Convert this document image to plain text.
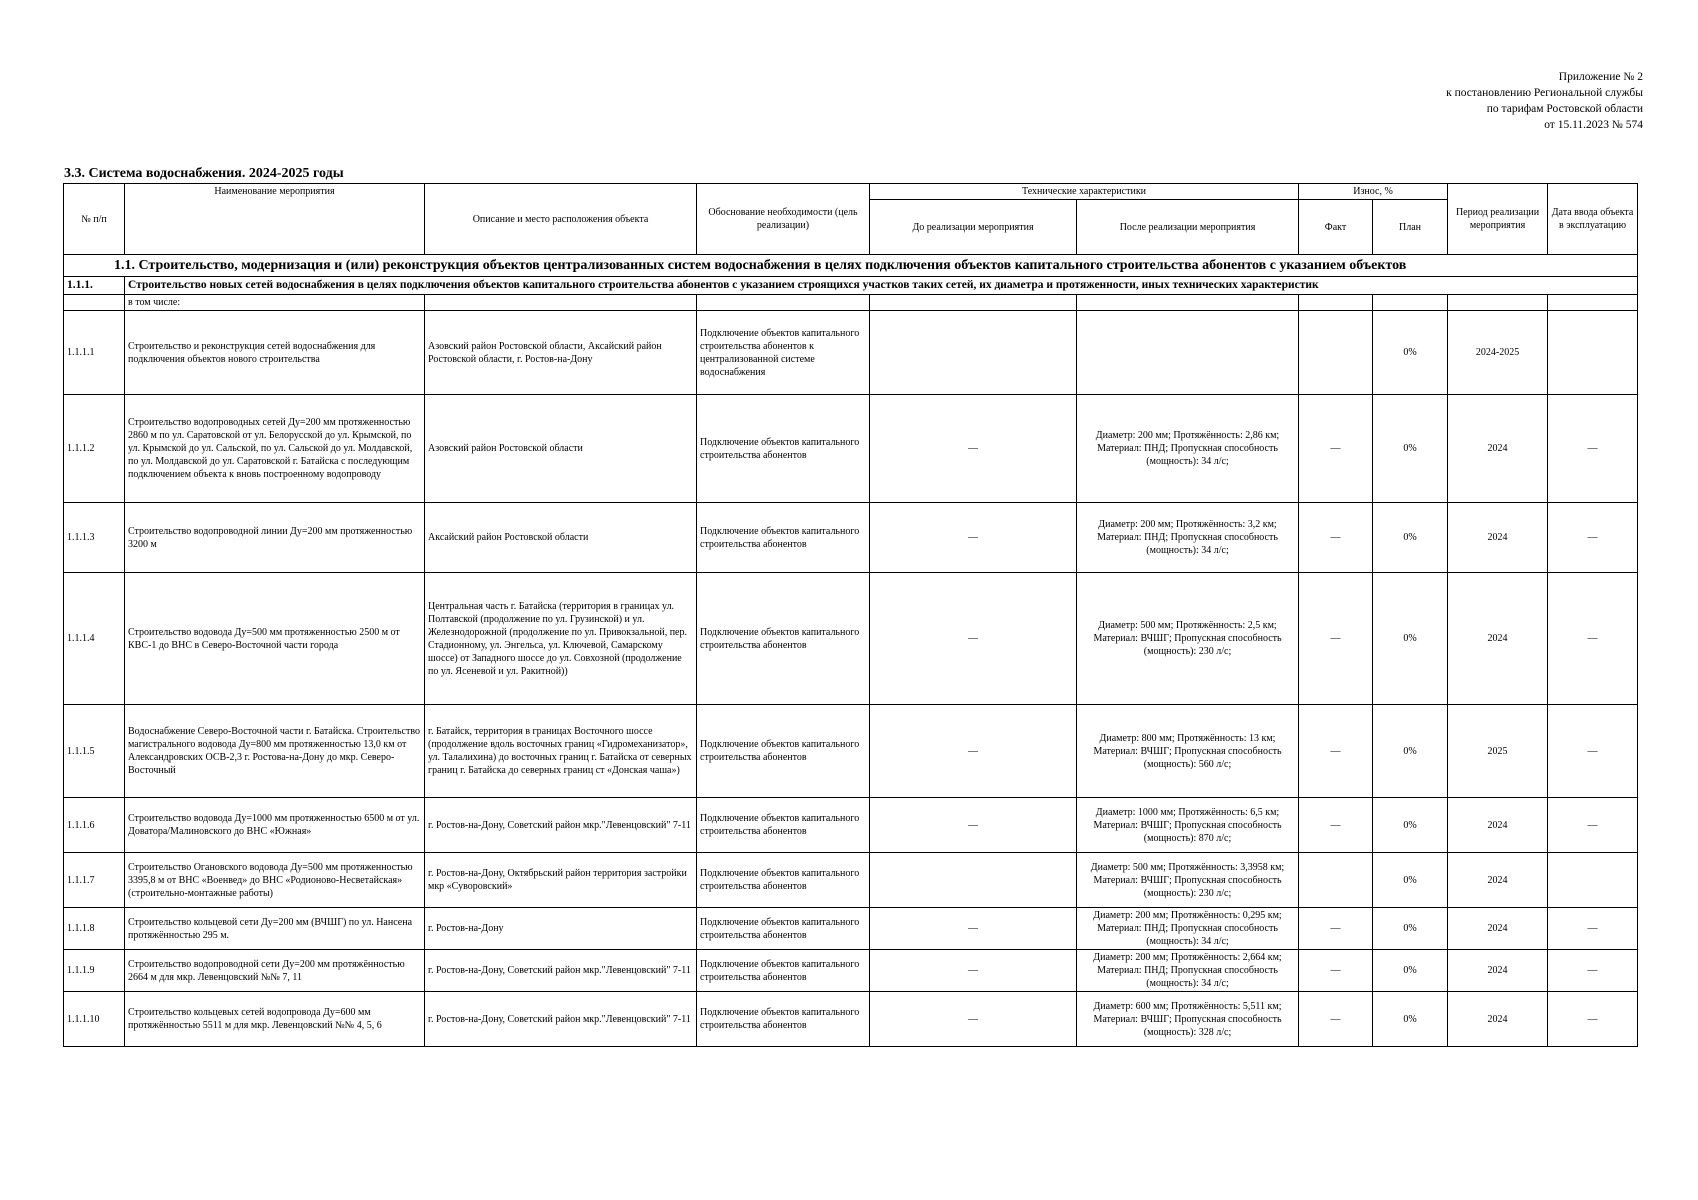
Приложение № 2
к постановлению Региональной службы
по тарифам Ростовской области
от 15.11.2023 № 574
3.3. Система водоснабжения. 2024-2025 годы
№ п/п	Наименование мероприятия	Описание и место расположения объекта	Обоснование необходимости (цель реализации)	Технические характеристики		Износ, %		Период реализации мероприятия	Дата ввода объекта в эксплуатацию
				До реализации мероприятия	После реализации мероприятия	Факт	План		
1.1. Строительство, модернизация и (или) реконструкция объектов централизованных систем водоснабжения в целях подключения объектов капитального строительства абонентов с указанием объектов									
1.1.1.	Строительство новых сетей водоснабжения в целях подключения объектов капитального строительства абонентов с указанием строящихся участков таких сетей, их диаметра и протяженности, иных технических характеристик								
	в том числе:								
1.1.1.1	Строительство и реконструкция сетей водоснабжения для подключения объектов нового строительства	Азовский район Ростовской области, Аксайский район Ростовской области, г. Ростов-на-Дону	Подключение объектов капитального строительства абонентов к централизованной системе водоснабжения				0%	2024-2025	
1.1.1.2	Строительство водопроводных сетей Ду=200 мм протяженностью 2860 м по ул. Саратовской от ул. Белорусской до ул. Крымской, по ул. Крымской до ул. Сальской, по ул. Сальской до ул. Молдавской, по ул. Молдавской до ул. Саратовской г. Батайска с последующим подключением объекта к вновь построенному водопроводу	Азовский район Ростовской области	Подключение объектов капитального строительства абонентов	—	Диаметр: 200 мм; Протяжённость: 2,86 км; Материал: ПНД; Пропускная способность (мощность): 34 л/с;	—	0%	2024	—
1.1.1.3	Строительство водопроводной линии Ду=200 мм протяженностью 3200 м	Аксайский район Ростовской области	Подключение объектов капитального строительства абонентов	—	Диаметр: 200 мм; Протяжённость: 3,2 км; Материал: ПНД; Пропускная способность (мощность): 34 л/с;	—	0%	2024	—
1.1.1.4	Строительство водовода Ду=500 мм протяженностью 2500 м от КВС-1 до ВНС в Северо-Восточной части города	Центральная часть г. Батайска (территория в границах ул. Полтавской (продолжение по ул. Грузинской) и ул. Железнодорожной (продолжение по ул. Привокзальной, пер. Стадионному, ул. Энгельса, ул. Ключевой, Самарскому шоссе) от Западного шоссе до ул. Совхозной (продолжение по ул. Ясеневой и ул. Ракитной))	Подключение объектов капитального строительства абонентов	—	Диаметр: 500 мм; Протяжённость: 2,5 км; Материал: ВЧШГ; Пропускная способность (мощность): 230 л/с;	—	0%	2024	—
1.1.1.5	Водоснабжение Северо-Восточной части г. Батайска. Строительство магистрального водовода Ду=800 мм протяженностью 13,0 км от Александровских ОСВ-2,3 г. Ростова-на-Дону до мкр. Северо-Восточный	г. Батайск, территория в границах Восточного шоссе (продолжение вдоль восточных границ «Гидромеханизатор», ул. Талалихина) до восточных границ г. Батайска от северных границ г. Батайска до северных границ ст «Донская чаша»)	Подключение объектов капитального строительства абонентов	—	Диаметр: 800 мм; Протяжённость: 13 км; Материал: ВЧШГ; Пропускная способность (мощность): 560 л/с;	—	0%	2025	—
1.1.1.6	Строительство водовода Ду=1000 мм протяженностью 6500 м от ул. Доватора/Малиновского до ВНС «Южная»	г. Ростов-на-Дону, Советский район мкр."Левенцовский" 7-11	Подключение объектов капитального строительства абонентов	—	Диаметр: 1000 мм; Протяжённость: 6,5 км; Материал: ВЧШГ; Пропускная способность (мощность): 870 л/с;	—	0%	2024	—
1.1.1.7	Строительство Огановского водовода Ду=500 мм протяженностью 3395,8 м от ВНС «Военвед» до ВНС «Родионово-Несветайская» (строительно-монтажные работы)	г. Ростов-на-Дону, Октябрьский район территория застройки мкр «Суворовский»	Подключение объектов капитального строительства абонентов		Диаметр: 500 мм; Протяжённость: 3,3958 км; Материал: ВЧШГ; Пропускная способность (мощность): 230 л/с;		0%	2024	
1.1.1.8	Строительство кольцевой сети Ду=200 мм (ВЧШГ) по ул. Нансена протяжённостью 295 м.	г. Ростов-на-Дону	Подключение объектов капитального строительства абонентов	—	Диаметр: 200 мм; Протяжённость: 0,295 км; Материал: ПНД; Пропускная способность (мощность): 34 л/с;	—	0%	2024	—
1.1.1.9	Строительство водопроводной сети Ду=200 мм протяжённостью 2664 м для мкр. Левенцовский №№ 7, 11	г. Ростов-на-Дону, Советский район мкр."Левенцовский" 7-11	Подключение объектов капитального строительства абонентов	—	Диаметр: 200 мм; Протяжённость: 2,664 км; Материал: ПНД; Пропускная способность (мощность): 34 л/с;	—	0%	2024	—
1.1.1.10	Строительство кольцевых сетей водопровода Ду=600 мм протяжённостью 5511 м для мкр. Левенцовский №№ 4, 5, 6	г. Ростов-на-Дону, Советский район мкр."Левенцовский" 7-11	Подключение объектов капитального строительства абонентов	—	Диаметр: 600 мм; Протяжённость: 5,511 км; Материал: ВЧШГ; Пропускная способность (мощность): 328 л/с;	—	0%	2024	—
